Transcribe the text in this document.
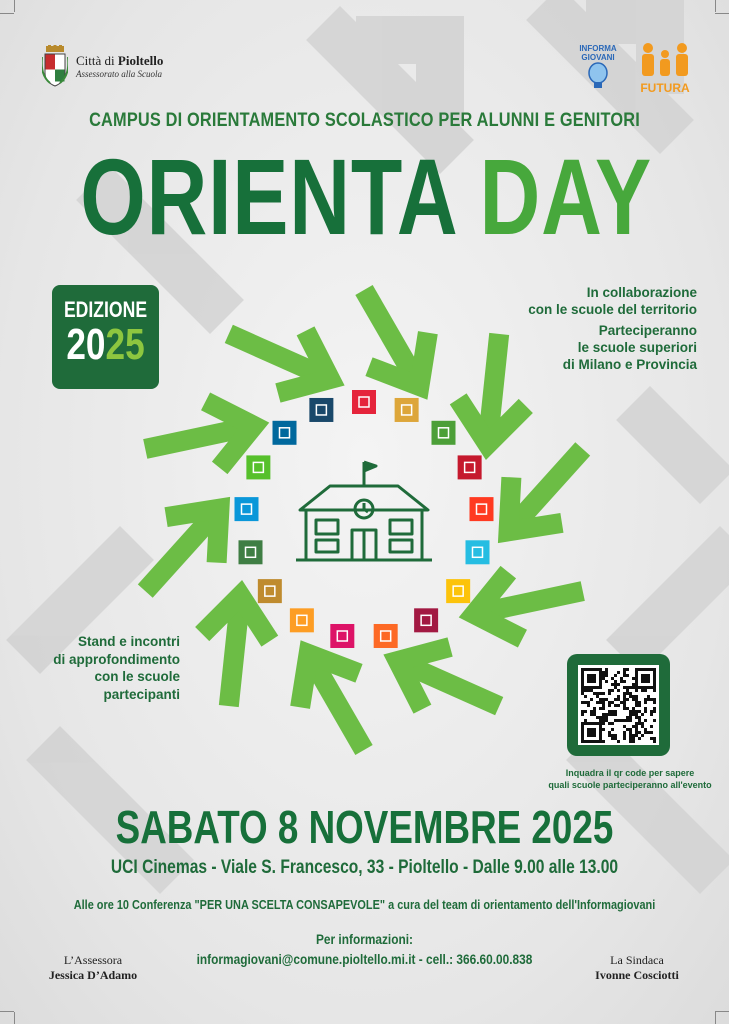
Città di Pioltello
Assessorato alla Scuola
INFORMA
GIOVANI
FUTURA
CAMPUS DI ORIENTAMENTO SCOLASTICO PER ALUNNI E GENITORI
ORIENTA DAY
EDIZIONE
2025

In collaborazione
con le scuole del territorio

Parteciperanno
le scuole superiori
di Milano e Provincia

Stand e incontri
di approfondimento
con le scuole
partecipanti
Inquadra il qr code per sapere
quali scuole parteciperanno all'evento
SABATO 8 NOVEMBRE 2025
UCI Cinemas - Viale S. Francesco, 33 - Pioltello - Dalle 9.00 alle 13.00
Alle ore 10 Conferenza "PER UNA SCELTA CONSAPEVOLE" a cura del team di orientamento dell'Informagiovani
Per informazioni:
informagiovani@comune.pioltello.mi.it - cell.: 366.60.00.838
L’Assessora
Jessica D’Adamo
La Sindaca
Ivonne Cosciotti
